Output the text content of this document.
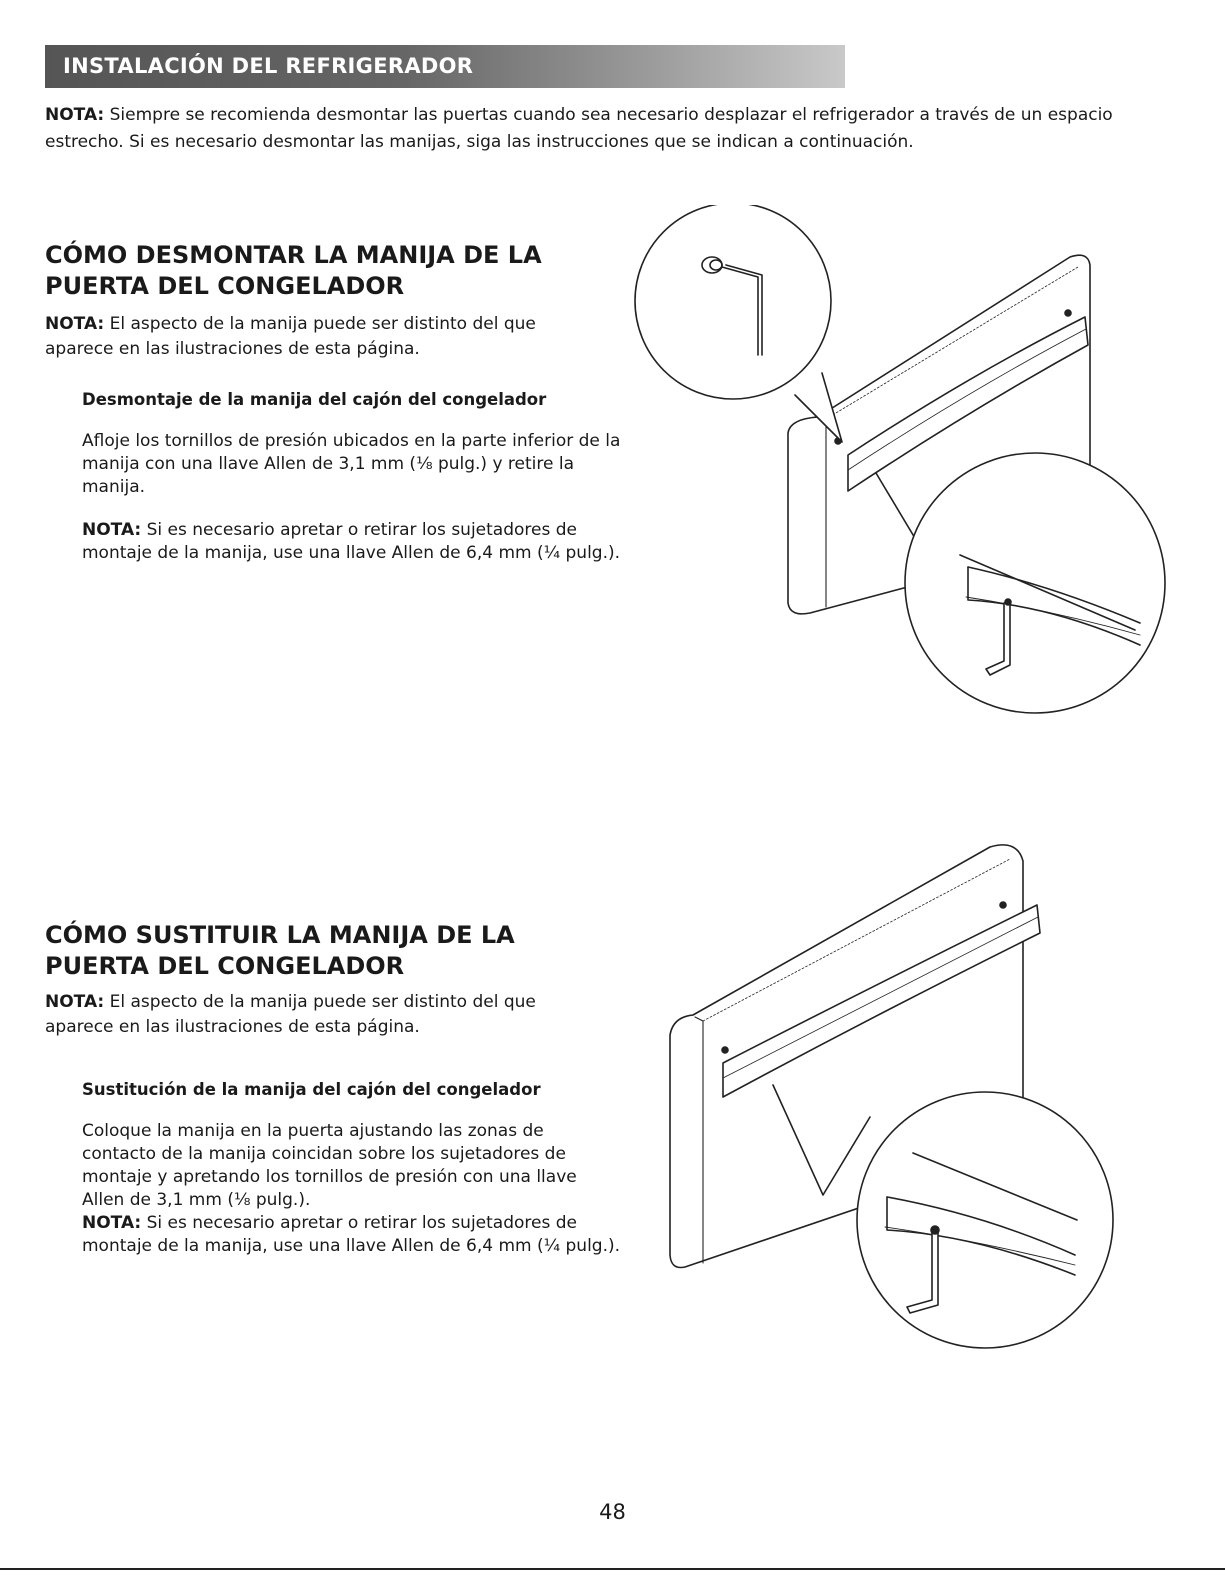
INSTALACIÓN DEL REFRIGERADOR
NOTA: Siempre se recomienda desmontar las puertas cuando sea necesario desplazar el refrigerador a través de un espacio estrecho. Si es necesario desmontar las manijas, siga las instrucciones que se indican a continuación.
CÓMO DESMONTAR LA MANIJA DE LA PUERTA DEL CONGELADOR
NOTA: El aspecto de la manija puede ser distinto del que aparece en las ilustraciones de esta página.
Desmontaje de la manija del cajón del congelador
Afloje los tornillos de presión ubicados en la parte inferior de la manija con una llave Allen de 3,1 mm (⅛ pulg.) y retire la manija.
NOTA: Si es necesario apretar o retirar los sujetadores de montaje de la manija, use una llave Allen de 6,4 mm (¼ pulg.).
CÓMO SUSTITUIR LA MANIJA DE LA PUERTA DEL CONGELADOR
NOTA: El aspecto de la manija puede ser distinto del que aparece en las ilustraciones de esta página.
Sustitución de la manija del cajón del congelador
Coloque la manija en la puerta ajustando las zonas de contacto de la manija coincidan sobre los sujetadores de montaje y apretando los tornillos de presión con una llave Allen de 3,1 mm (⅛ pulg.).
NOTA: Si es necesario apretar o retirar los sujetadores de montaje de la manija, use una llave Allen de 6,4 mm (¼ pulg.).
48
